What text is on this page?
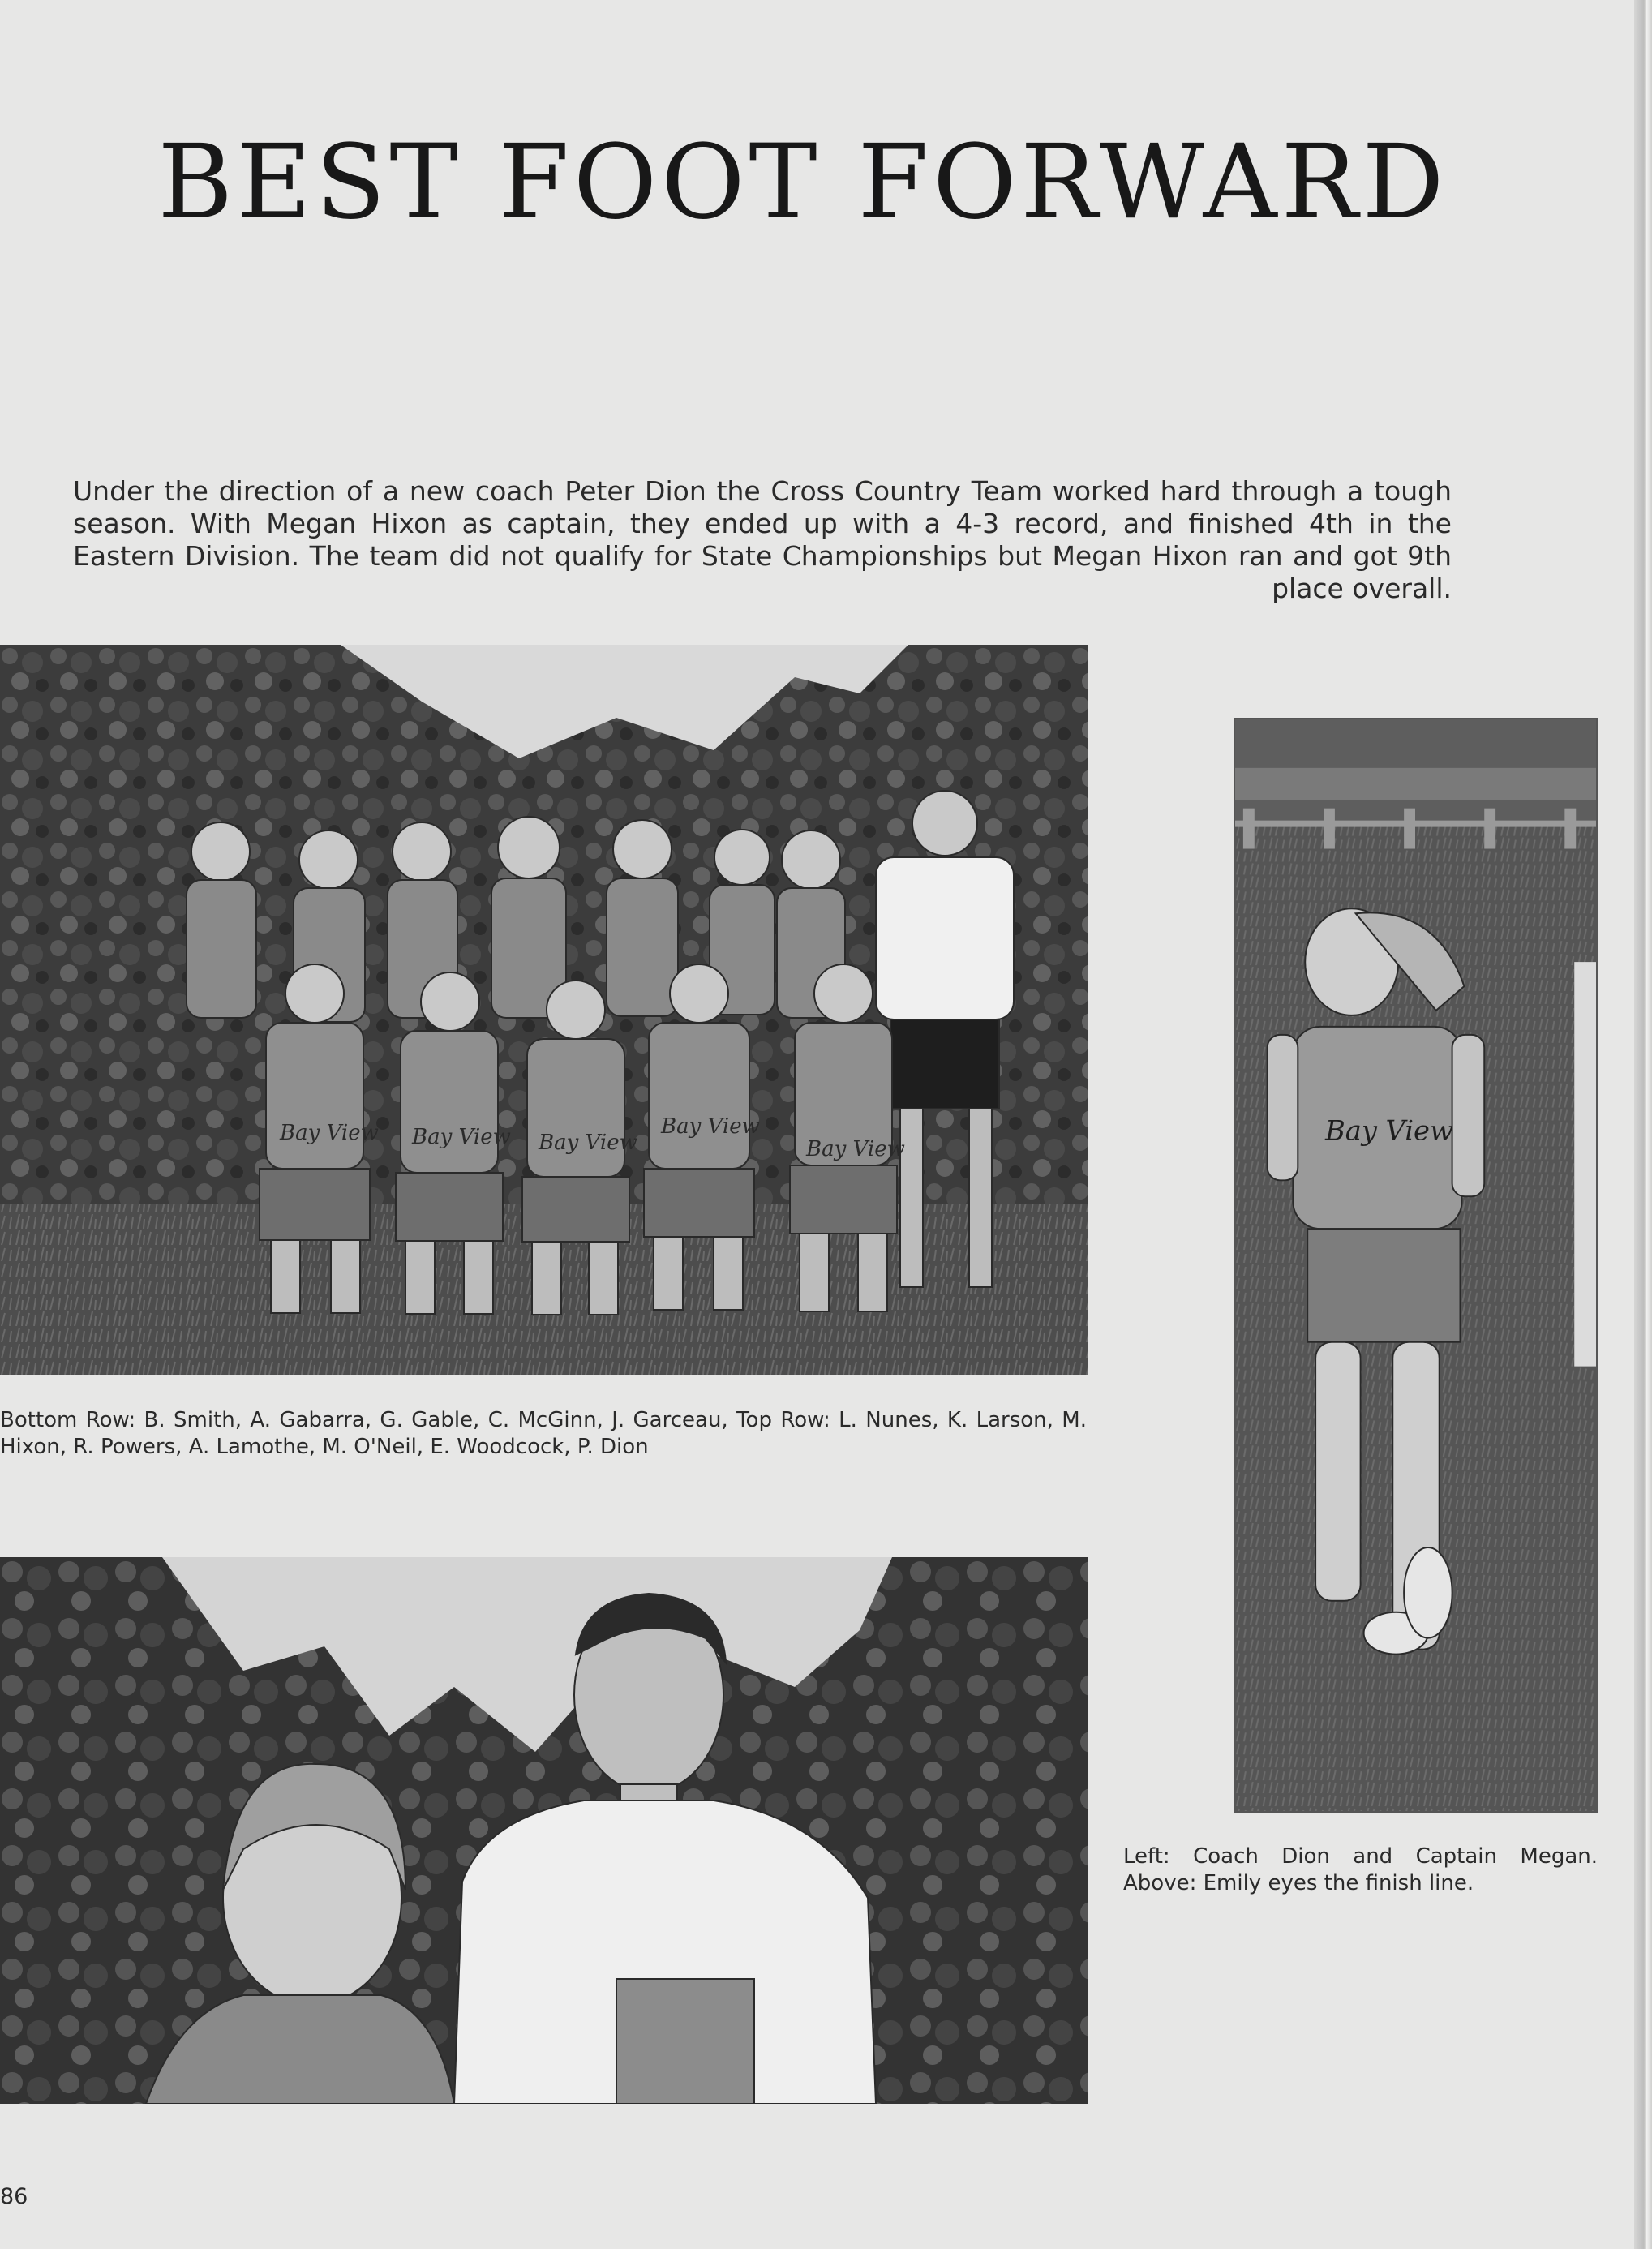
BEST FOOT FORWARD

Under the direction of a new coach Peter Dion the Cross Country Team worked hard through a tough season. With Megan Hixon as captain, they ended up with a 4-3 record, and finished 4th in the Eastern Division. The team did not qualify for State Championships but Megan Hixon ran and got 9th place overall.

Bay View Bay View Bay View
Bay View
Bay View

Bottom Row: B. Smith, A. Gabarra, G. Gable, C. McGinn, J. Garceau, Top Row: L. Nunes, K. Larson, M. Hixon, R. Powers, A. Lamothe, M. O'Neil, E. Woodcock, P. Dion

Bay View
Left: Coach Dion and Captain Megan.
Above: Emily eyes the finish line.
86
